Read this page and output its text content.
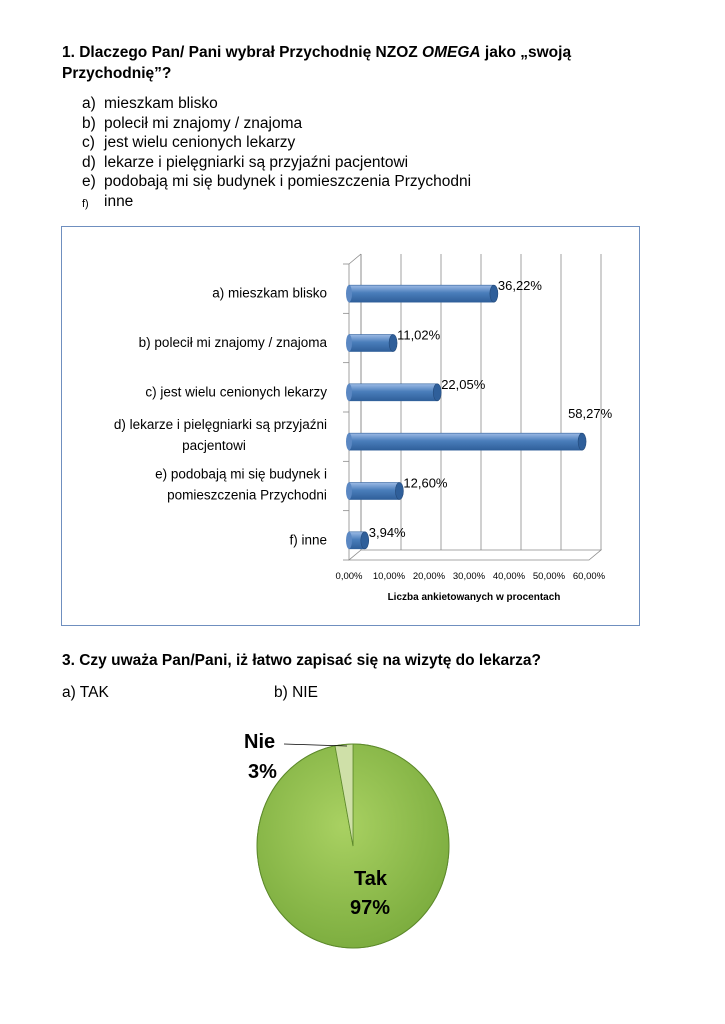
1. Dlaczego Pan/ Pani wybrał Przychodnię NZOZ OMEGA jako „swoją Przychodnię”?
a) mieszkam blisko
b) polecił mi znajomy / znajoma
c) jest wielu cenionych lekarzy
d) lekarze i pielęgniarki są przyjaźni pacjentowi
e) podobają mi się budynek i pomieszczenia Przychodni
f) inne
36,22%
a) mieszkam blisko
11,02%
b) polecił mi znajomy / znajoma
22,05%
c) jest wielu cenionych lekarzy
58,27%
d) lekarze i pielęgniarki są przyjaźni
pacjentowi
12,60%
e) podobają mi się budynek i
pomieszczenia Przychodni
3,94%
f) inne
0,00% 10,00% 20,00% 30,00% 40,00% 50,00% 60,00%
Liczba ankietowanych w procentach
3. Czy uważa Pan/Pani, iż łatwo zapisać się na wizytę do lekarza?
a) TAK	b) NIE
Nie
3%
Tak
97%
